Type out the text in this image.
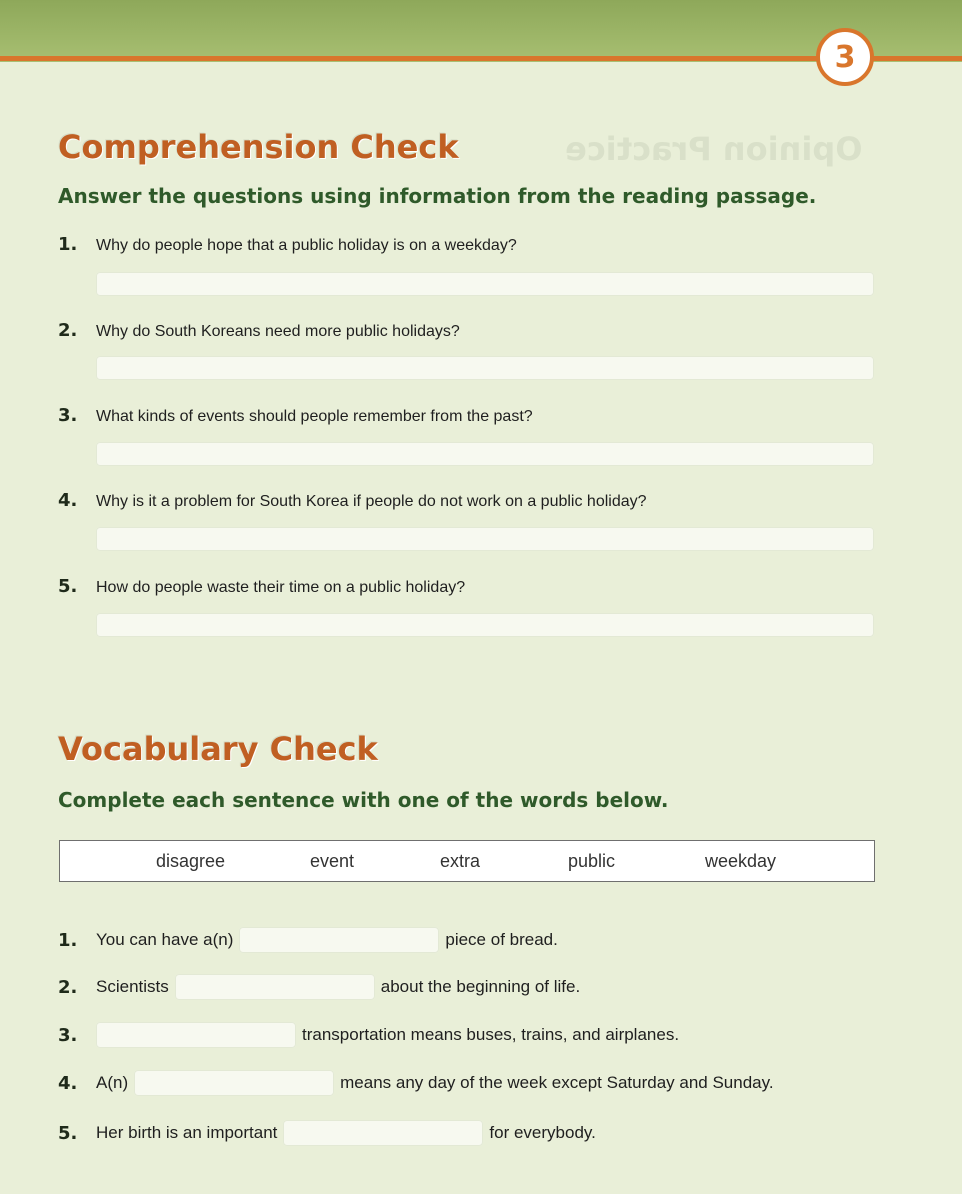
3
Opinion Practice
Comprehension Check
Answer the questions using information from the reading passage.
1. Why do people hope that a public holiday is on a weekday?
2. Why do South Koreans need more public holidays?
3. What kinds of events should people remember from the past?
4. Why is it a problem for South Korea if people do not work on a public holiday?
5. How do people waste their time on a public holiday?
Vocabulary Check
Complete each sentence with one of the words below.
disagree	event	extra	public	weekday
1.	You can have a(n)	piece of bread.
2.	Scientists	about the beginning of life.
3.	transportation means buses, trains, and airplanes.
4.	A(n)	means any day of the week except Saturday and Sunday.
5.	Her birth is an important	for everybody.
